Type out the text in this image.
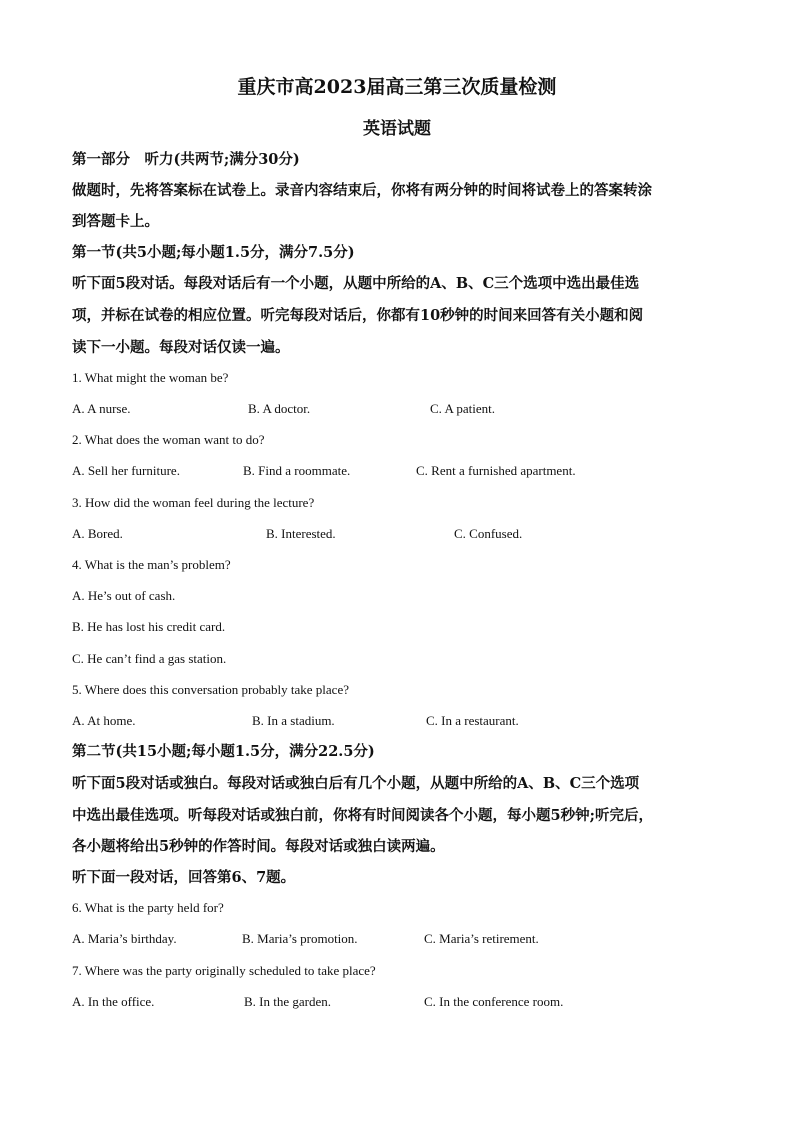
重庆市高2023届高三第三次质量检测
英语试题
第一部分　听力(共两节;满分30分)
做题时，先将答案标在试卷上。录音内容结束后，你将有两分钟的时间将试卷上的答案转涂
到答题卡上。
第一节(共5小题;每小题1.5分，满分7.5分)
听下面5段对话。每段对话后有一个小题，从题中所给的A、B、C三个选项中选出最佳选
项，并标在试卷的相应位置。听完每段对话后，你都有10秒钟的时间来回答有关小题和阅
读下一小题。每段对话仅读一遍。
1. What might the woman be?
A. A nurse.	B. A doctor.	C. A patient.
2. What does the woman want to do?
A. Sell her furniture.	B. Find a roommate.	C. Rent a furnished apartment.
3. How did the woman feel during the lecture?
A. Bored.	B. Interested.	C. Confused.
4. What is the man’s problem?
A. He’s out of cash.
B. He has lost his credit card.
C. He can’t find a gas station.
5. Where does this conversation probably take place?
A. At home.	B. In a stadium.	C. In a restaurant.
第二节(共15小题;每小题1.5分，满分22.5分)
听下面5段对话或独白。每段对话或独白后有几个小题，从题中所给的A、B、C三个选项
中选出最佳选项。听每段对话或独白前，你将有时间阅读各个小题，每小题5秒钟;听完后，
各小题将给出5秒钟的作答时间。每段对话或独白读两遍。
听下面一段对话，回答第6、7题。
6. What is the party held for?
A. Maria’s birthday.	B. Maria’s promotion.	C. Maria’s retirement.
7. Where was the party originally scheduled to take place?
A. In the office.	B. In the garden.	C. In the conference room.
